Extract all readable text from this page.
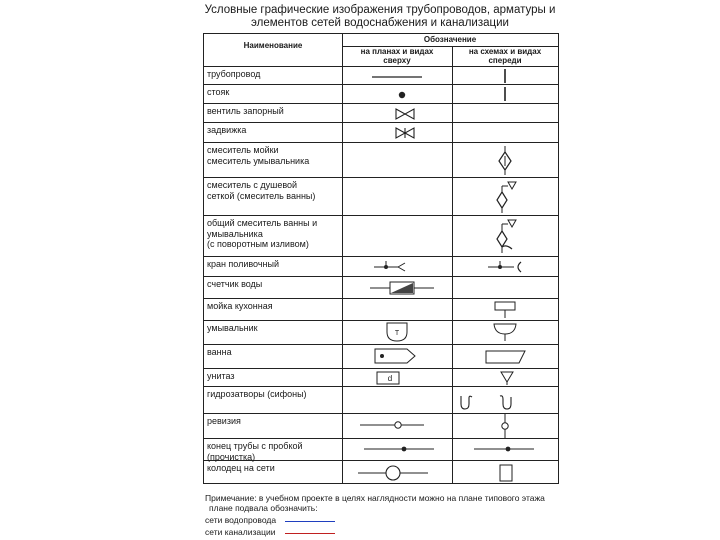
Условные графические изображения трубопроводов, арматуры и
элементов сетей водоснабжения и канализации
Наименование
Обозначение
на планах и видах
сверху
на схемах и видах
спереди
трубопровод
стояк
вентиль запорный
задвижка
смеситель мойки
смеситель умывальника
смеситель с душевой
сеткой (смеситель ванны)
общий смеситель ванны и
умывальника
(с поворотным изливом)
кран поливочный
счетчик воды
мойка кухонная
умывальник
ванна
унитаз
гидрозатворы (сифоны)
ревизия
конец трубы с пробкой
(прочистка)
колодец на сети
Т
d
Примечание: в учебном проекте в целях наглядности можно на плане типового этажа
плане подвала обозначить:
сети водопровода
сети канализации
